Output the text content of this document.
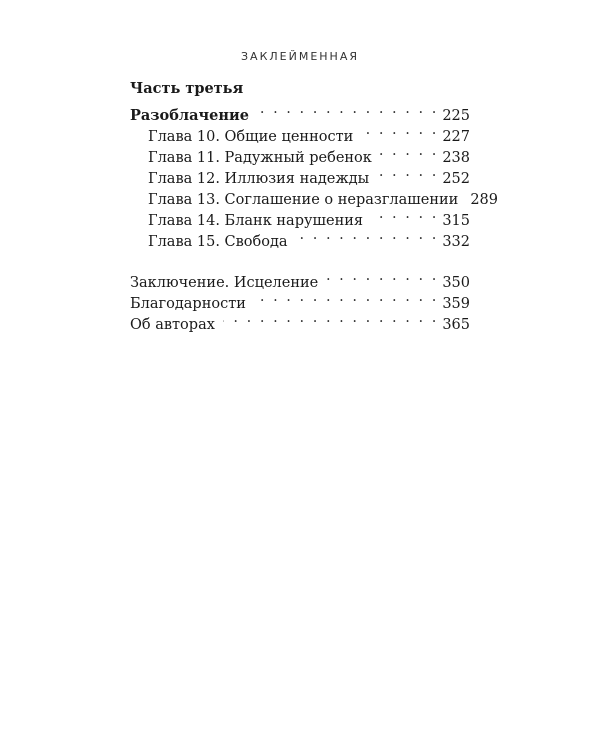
ЗАКЛЕЙМЕННАЯ
Часть третья
Разоблачение . . .	225
Глава 10. Общие ценности . . .	227
Глава 11. Радужный ребенок . . .	238
Глава 12. Иллюзия надежды . . .	252
Глава 13. Соглашение о неразглашении 289
Глава 14. Бланк нарушения . . .	315
Глава 15. Свобода . . .	332
Заключение. Исцеление . . .	350
Благодарности . . .	359
Об авторах . . .	365
